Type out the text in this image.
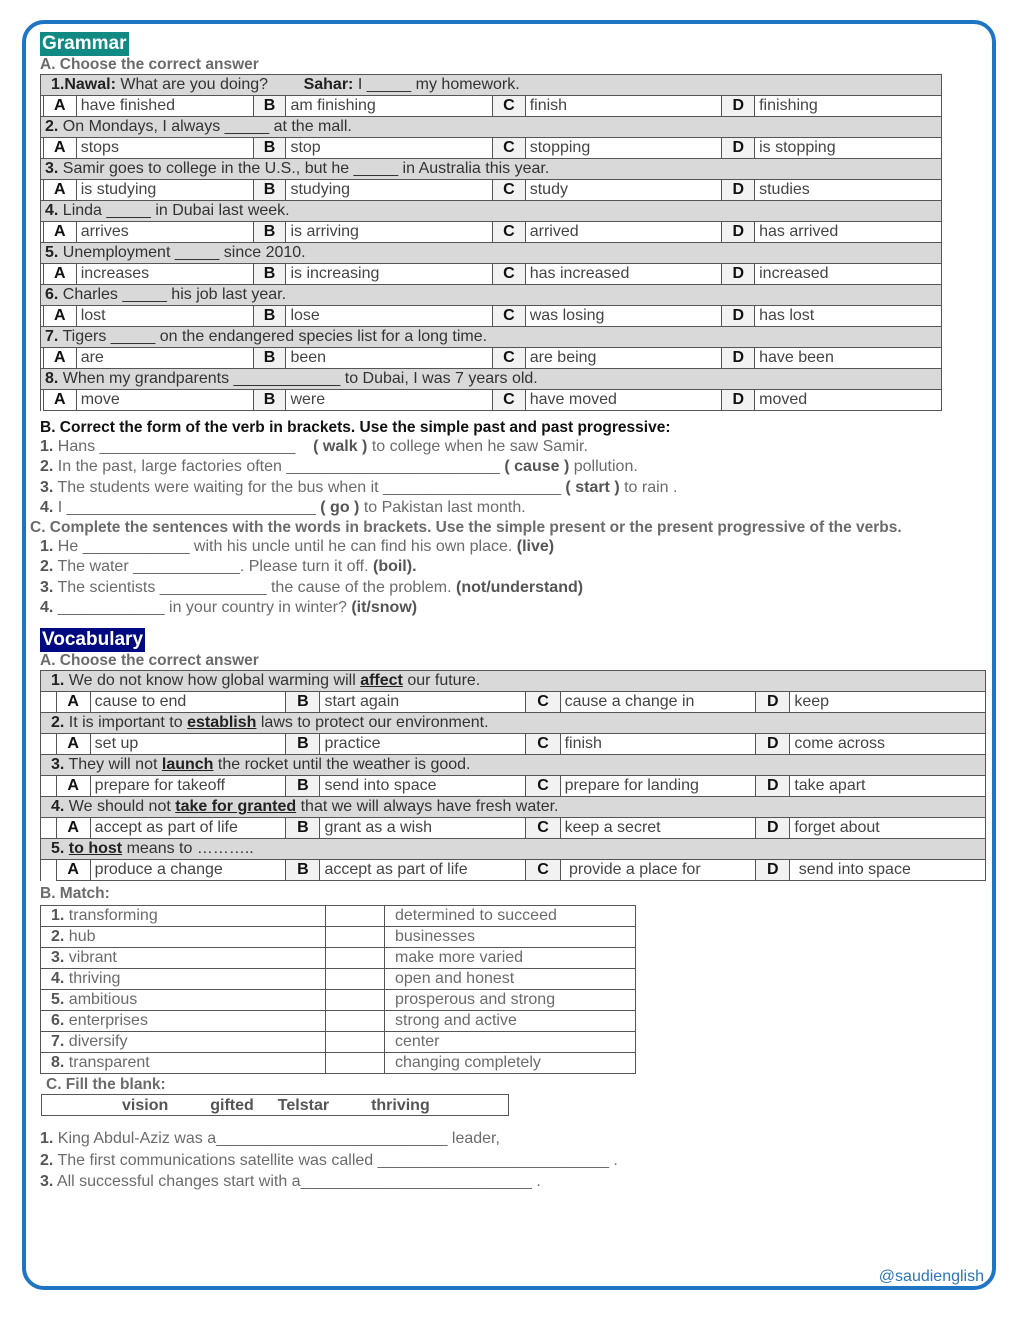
Grammar
A. Choose the correct answer
1.Nawal: What are you doing?        Sahar: I _____ my homework.								
	A	have finished	B	am finishing	C	finish	D	finishing
2. On Mondays, I always _____ at the mall.								
	A	stops	B	stop	C	stopping	D	is stopping
3. Samir goes to college in the U.S., but he _____ in Australia this year.								
	A	is studying	B	studying	C	study	D	studies
4. Linda _____ in Dubai last week.								
	A	arrives	B	is arriving	C	arrived	D	has arrived
5. Unemployment _____ since 2010.								
	A	increases	B	is increasing	C	has increased	D	increased
6. Charles _____ his job last year.								
	A	lost	B	lose	C	was losing	D	has lost
7. Tigers _____ on the endangered species list for a long time.								
	A	are	B	been	C	are being	D	have been
8. When my grandparents ____________ to Dubai, I was 7 years old.								
	A	move	B	were	C	have moved	D	moved
B. Correct the form of the verb in brackets. Use the simple past and past progressive:
1. Hans ______________________    ( walk ) to college when he saw Samir.
2. In the past, large factories often ________________________ ( cause ) pollution.
3. The students were waiting for the bus when it ____________________ ( start ) to rain .
4. I ____________________________ ( go ) to Pakistan last month.
C. Complete the sentences with the words in brackets. Use the simple present or the present progressive of the verbs.
1. He ____________ with his uncle until he can find his own place. (live)
2. The water ____________. Please turn it off. (boil).
3. The scientists ____________ the cause of the problem. (not/understand)
4. ____________ in your country in winter? (it/snow)
Vocabulary
A. Choose the correct answer
1. We do not know how global warming will affect our future.								
	A	cause to end	B	start again	C	cause a change in	D	keep
2. It is important to establish laws to protect our environment.								
	A	set up	B	practice	C	finish	D	come across
3. They will not launch the rocket until the weather is good.								
	A	prepare for takeoff	B	send into space	C	prepare for landing	D	take apart
4. We should not take for granted that we will always have fresh water.								
	A	accept as part of life	B	grant as a wish	C	keep a secret	D	forget about
5. to host means to ………..								
	A	produce a change	B	accept as part of life	C	provide a place for	D	send into space
B. Match:
1. transforming		determined to succeed
2. hub		businesses
3. vibrant		make more varied
4. thriving		open and honest
5. ambitious		prosperous and strong
6. enterprises		strong and active
7. diversify		center
8. transparent		changing completely
C. Fill the blank:
vision	gifted Telstar	thriving
1. King Abdul-Aziz was a__________________________ leader,
2. The first communications satellite was called __________________________ .
3. All successful changes start with a__________________________ .
@saudienglish
